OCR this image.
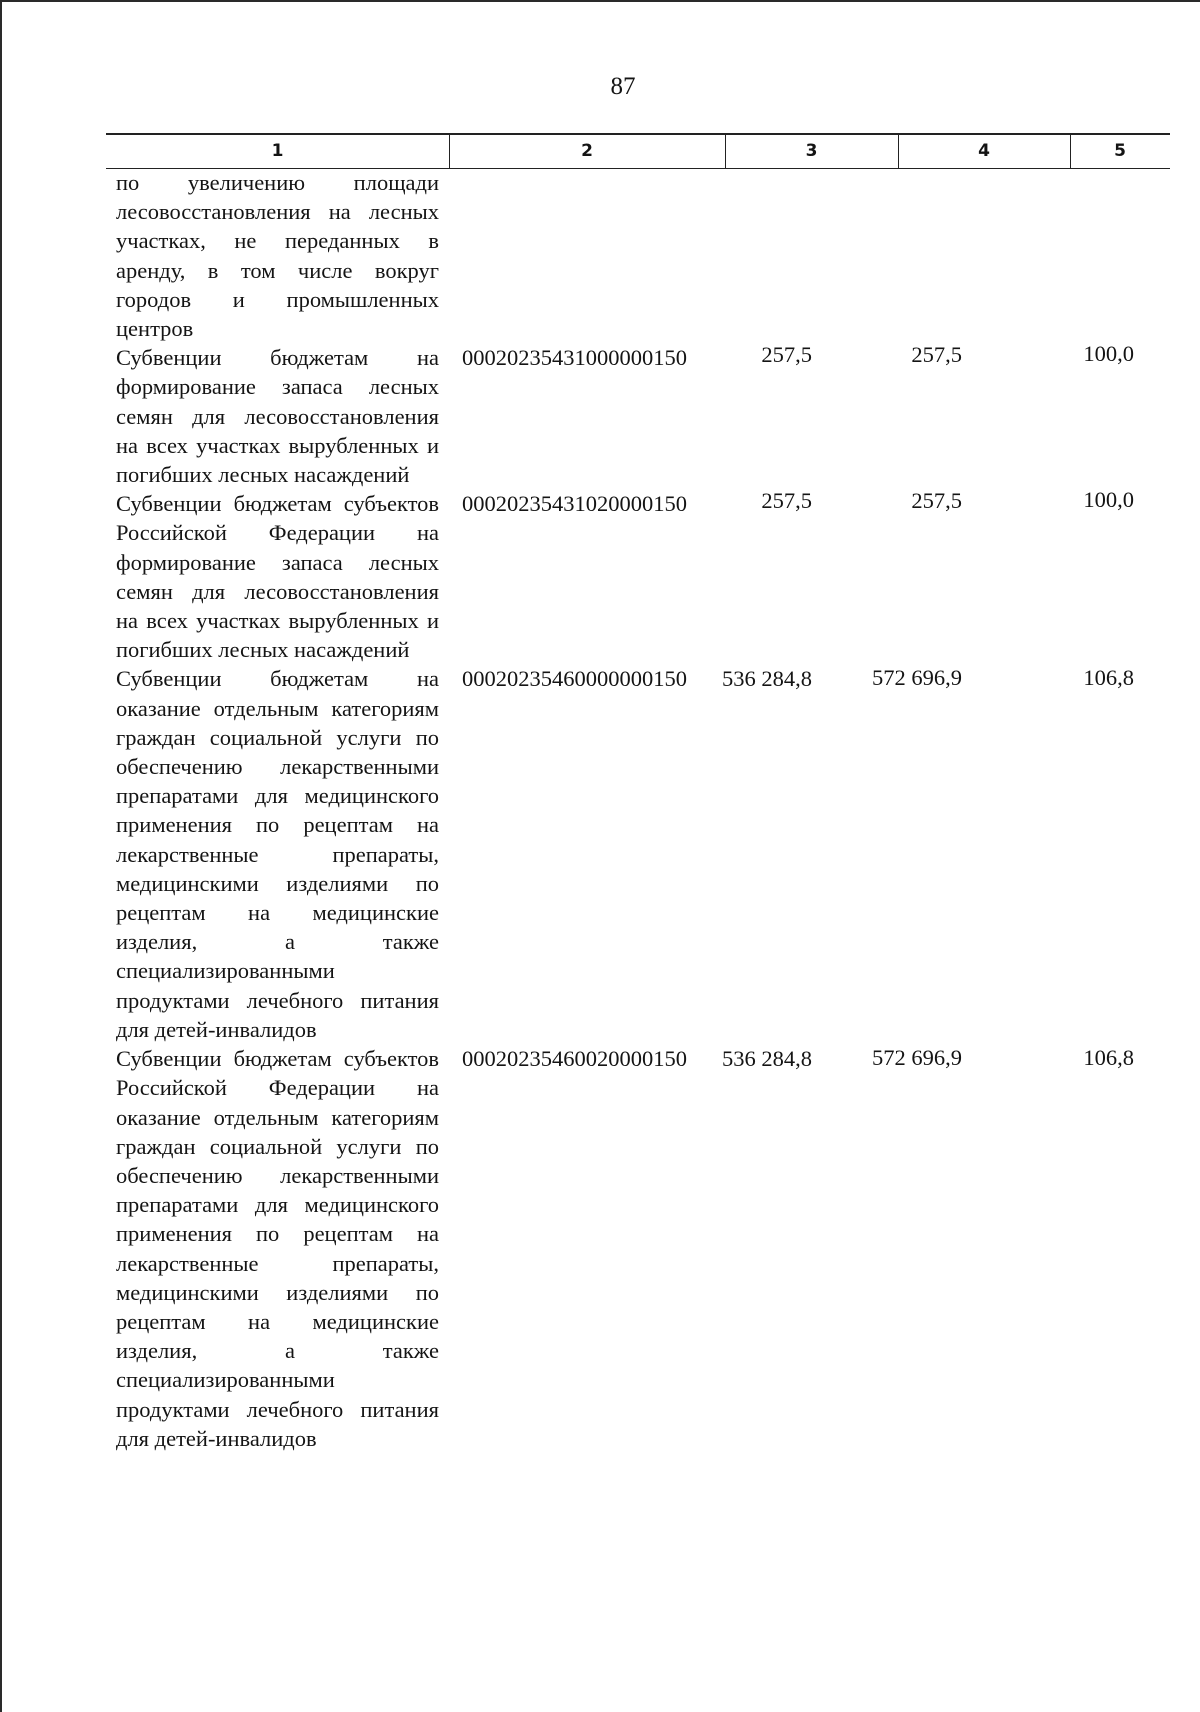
87
1	2	3	4	5
по увеличению площади лесовосстановления на лесных участках, не переданных в аренду, в том числе вокруг городов и промышленных центров
Субвенции бюджетам на формирование запаса лесных семян для лесовосстановления на всех участках вырубленных и погибших лесных насаждений
00020235431000000150	257,5	257,5	100,0
Субвенции бюджетам субъектов Российской Федерации на формирование запаса лесных семян для лесовосстановления на всех участках вырубленных и погибших лесных насаждений
00020235431020000150	257,5	257,5	100,0
Субвенции бюджетам на оказание отдельным категориям граждан социальной услуги по обеспечению лекарственными препаратами для медицинского применения по рецептам на лекарственные препараты, медицинскими изделиями по рецептам на медицинские изделия, а также специализированными продуктами лечебного питания для детей-инвалидов
00020235460000000150 536 284,8	572 696,9	106,8
Субвенции бюджетам субъектов Российской Федерации на оказание отдельным категориям граждан социальной услуги по обеспечению лекарственными препаратами для медицинского применения по рецептам на лекарственные препараты, медицинскими изделиями по рецептам на медицинские изделия, а также специализированными продуктами лечебного питания для детей-инвалидов
00020235460020000150 536 284,8	572 696,9	106,8
